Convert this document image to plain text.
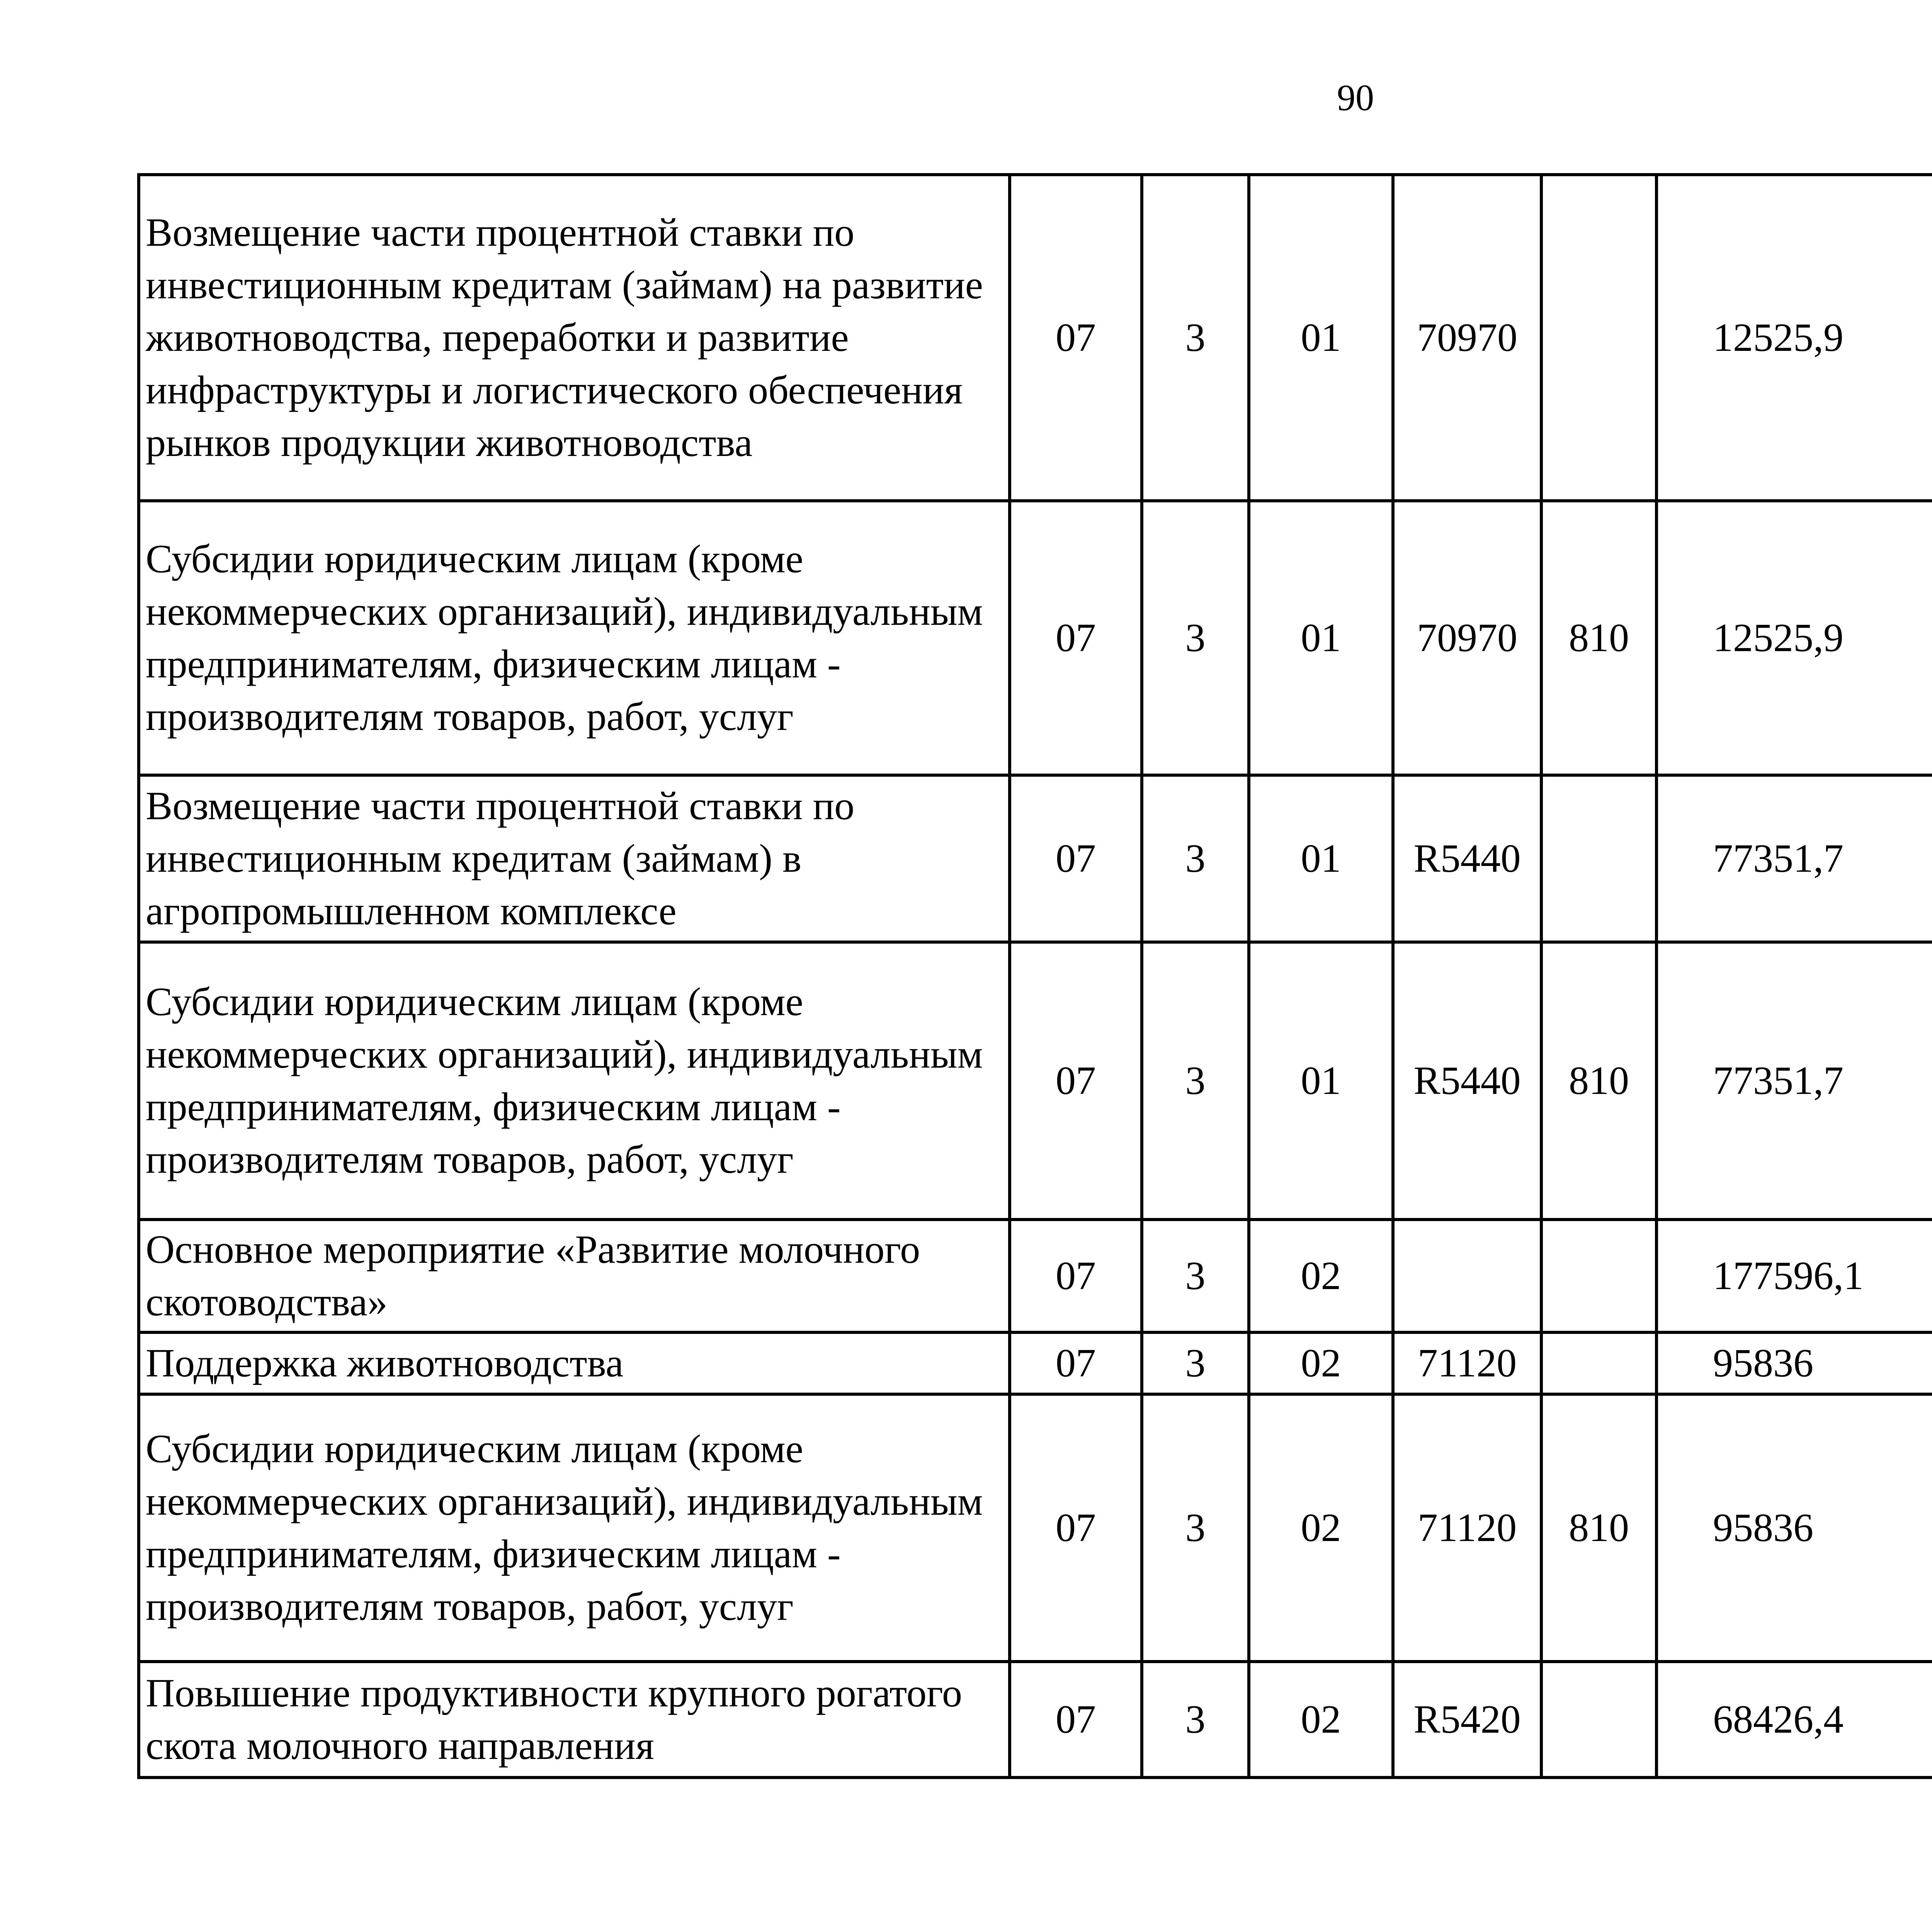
90
Возмещение части процентной ставки по инвестиционным кредитам (займам) на развитие животноводства, переработки и развитие инфраструктуры и логистического обеспечения рынков продукции животноводства	07	3	01	70970		12525,9		
Субсидии юридическим лицам (кроме некоммерческих организаций), индивидуальным предпринимателям, физическим лицам - производителям товаров, работ, услуг	07	3	01	70970	810	12525,9		
Возмещение части процентной ставки по инвестиционным кредитам (займам) в агропромышленном комплексе	07	3	01	R5440		77351,7		
Субсидии юридическим лицам (кроме некоммерческих организаций), индивидуальным предпринимателям, физическим лицам - производителям товаров, работ, услуг	07	3	01	R5440	810	77351,7		
Основное мероприятие «Развитие молочного скотоводства»	07	3	02			177596,1		
Поддержка животноводства	07	3	02	71120		95836		
Субсидии юридическим лицам (кроме некоммерческих организаций), индивидуальным предпринимателям, физическим лицам - производителям товаров, работ, услуг	07	3	02	71120	810	95836		
Повышение продуктивности крупного рогатого скота молочного направления	07	3	02	R5420		68426,4		
